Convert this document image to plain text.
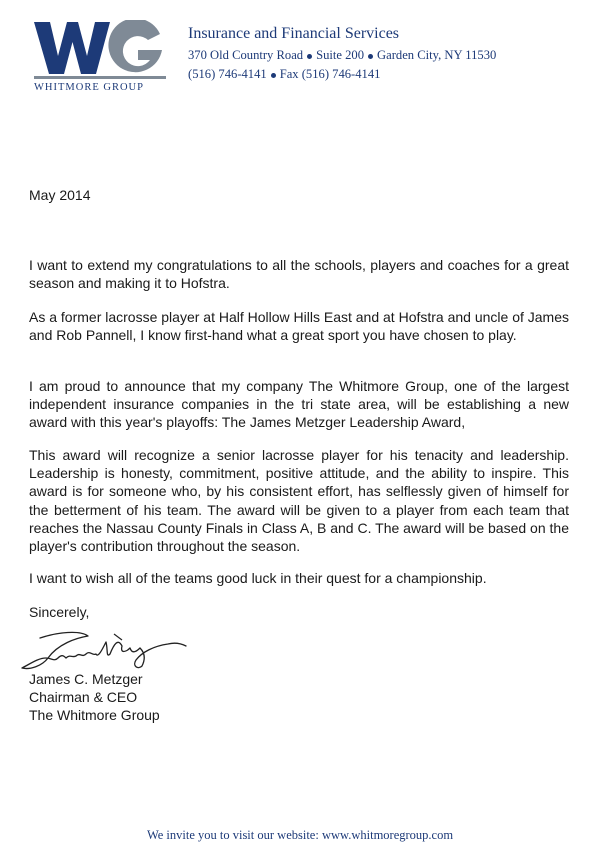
WHITMORE GROUP
Insurance and Financial Services
370 Old Country Road Suite 200 Garden City, NY 11530
(516) 746-4141 Fax (516) 746-4141
May 2014
I want to extend my congratulations to all the schools, players and coaches for a great season and making it to Hofstra.
As a former lacrosse player at Half Hollow Hills East and at Hofstra and uncle of James and Rob Pannell, I know first-hand what a great sport you have chosen to play.
I am proud to announce that my company The Whitmore Group, one of the largest independent insurance companies in the tri state area, will be establishing a new award with this year's playoffs: The James Metzger Leadership Award,
This award will recognize a senior lacrosse player for his tenacity and leadership. Leadership is honesty, commitment, positive attitude, and the ability to inspire. This award is for someone who, by his consistent effort, has selflessly given of himself for the betterment of his team. The award will be given to a player from each team that reaches the Nassau County Finals in Class A, B and C. The award will be based on the player's contribution throughout the season.
I want to wish all of the teams good luck in their quest for a championship.
Sincerely,
James C. Metzger
Chairman & CEO
The Whitmore Group
We invite you to visit our website: www.whitmoregroup.com
